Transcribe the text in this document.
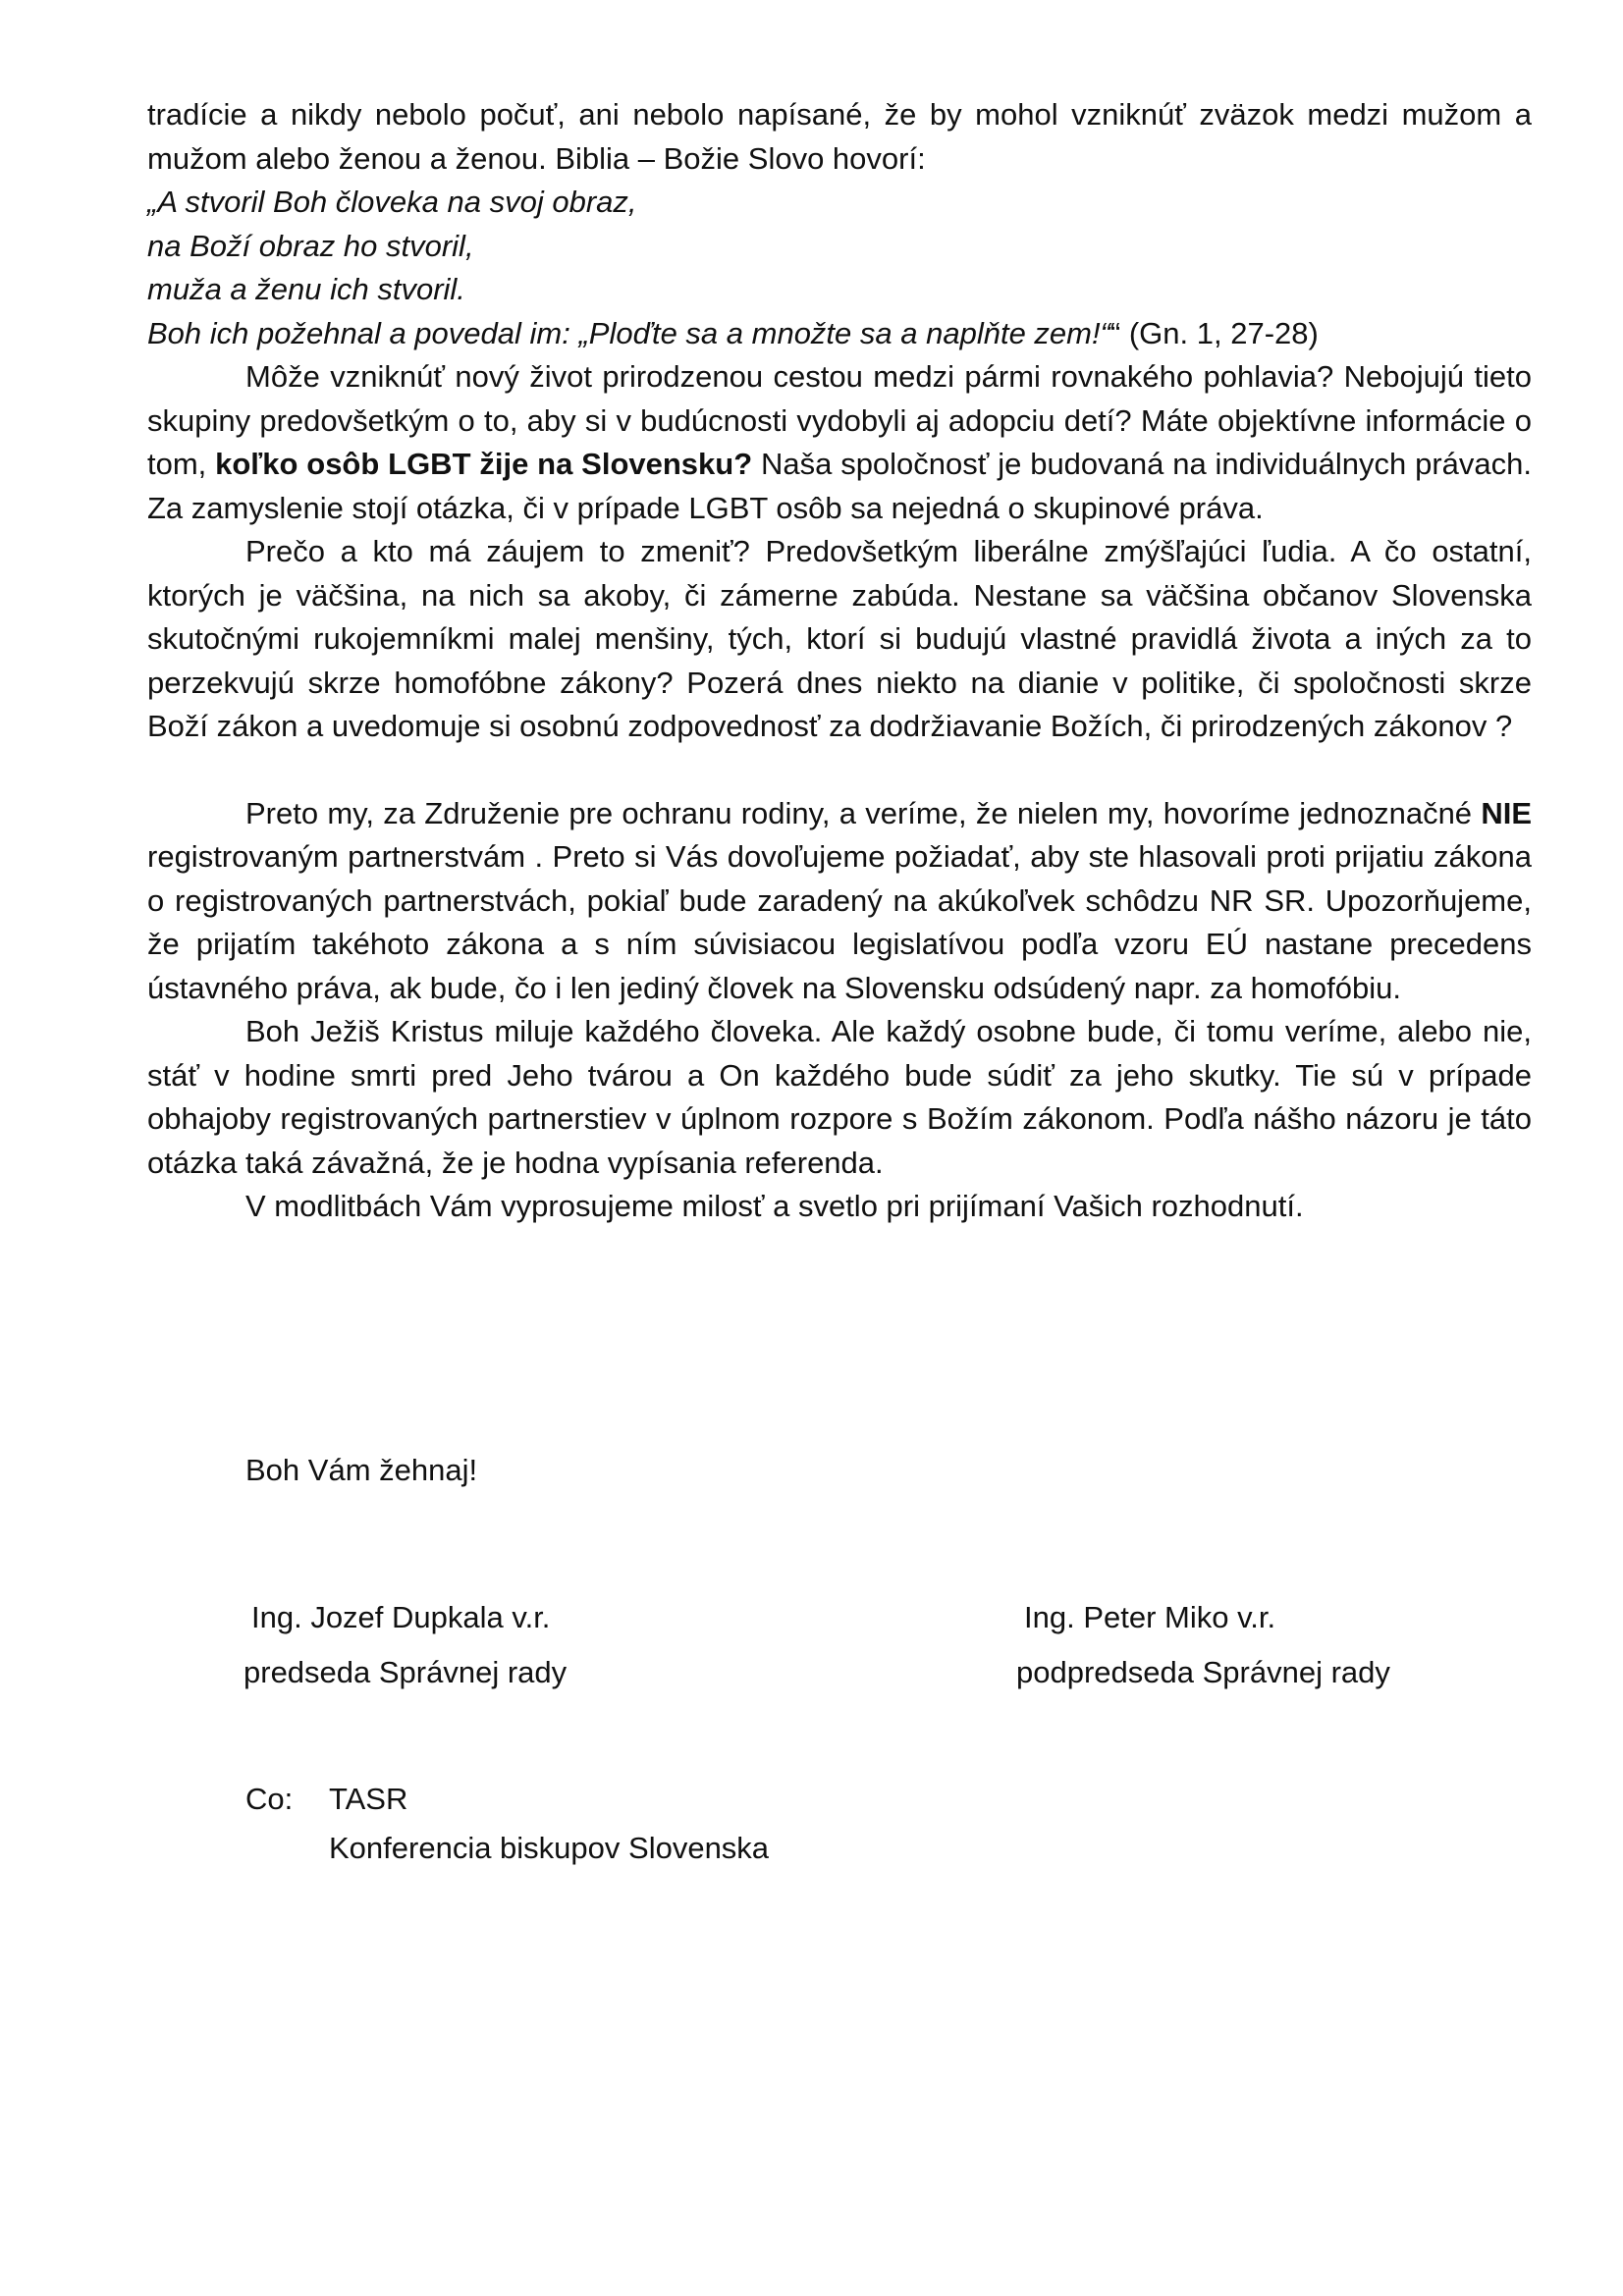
tradície a nikdy nebolo počuť, ani nebolo napísané, že by mohol vzniknúť zväzok medzi mužom a mužom alebo ženou a ženou. Biblia – Božie Slovo hovorí:

„A stvoril Boh človeka na svoj obraz,

na Boží obraz ho stvoril,

muža a ženu ich stvoril.

Boh ich požehnal a povedal im: „Ploďte sa a množte sa a naplňte zem!““ (Gn. 1, 27-28)

Môže vzniknúť nový život prirodzenou cestou medzi pármi rovnakého pohlavia? Nebojujú tieto skupiny predovšetkým o to, aby si v budúcnosti vydobyli aj adopciu detí? Máte objektívne informácie o tom, koľko osôb LGBT žije na Slovensku? Naša spoločnosť je budovaná na individuálnych právach. Za zamyslenie stojí otázka, či v prípade LGBT osôb sa nejedná o skupinové práva.

Prečo a kto má záujem to zmeniť? Predovšetkým liberálne zmýšľajúci ľudia. A čo ostatní, ktorých je väčšina, na nich sa akoby, či zámerne zabúda. Nestane sa väčšina občanov Slovenska skutočnými rukojemníkmi malej menšiny, tých, ktorí si budujú vlastné pravidlá života a iných za to perzekvujú skrze homofóbne zákony? Pozerá dnes niekto na dianie v politike, či spoločnosti skrze Boží zákon a uvedomuje si osobnú zodpovednosť za dodržiavanie Božích, či prirodzených zákonov ?

Preto my, za Združenie pre ochranu rodiny, a veríme, že nielen my, hovoríme jednoznačné NIE registrovaným partnerstvám . Preto si Vás dovoľujeme požiadať, aby ste hlasovali proti prijatiu zákona o registrovaných partnerstvách, pokiaľ bude zaradený na akúkoľvek schôdzu NR SR. Upozorňujeme, že prijatím takéhoto zákona a s ním súvisiacou legislatívou podľa vzoru EÚ nastane precedens ústavného práva, ak bude, čo i len jediný človek na Slovensku odsúdený napr. za homofóbiu.

Boh Ježiš Kristus miluje každého človeka. Ale každý osobne bude, či tomu veríme, alebo nie, stáť v hodine smrti pred Jeho tvárou a On každého bude súdiť za jeho skutky. Tie sú v prípade obhajoby registrovaných partnerstiev v úplnom rozpore s Božím zákonom. Podľa nášho názoru je táto otázka taká závažná, že je hodna vypísania referenda.

V modlitbách Vám vyprosujeme milosť a svetlo pri prijímaní Vašich rozhodnutí.

Boh Vám žehnaj!
Ing. Jozef Dupkala v.r.
predseda Správnej rady
Ing. Peter Miko v.r.
podpredseda Správnej rady
Co: TASR
Konferencia biskupov Slovenska
